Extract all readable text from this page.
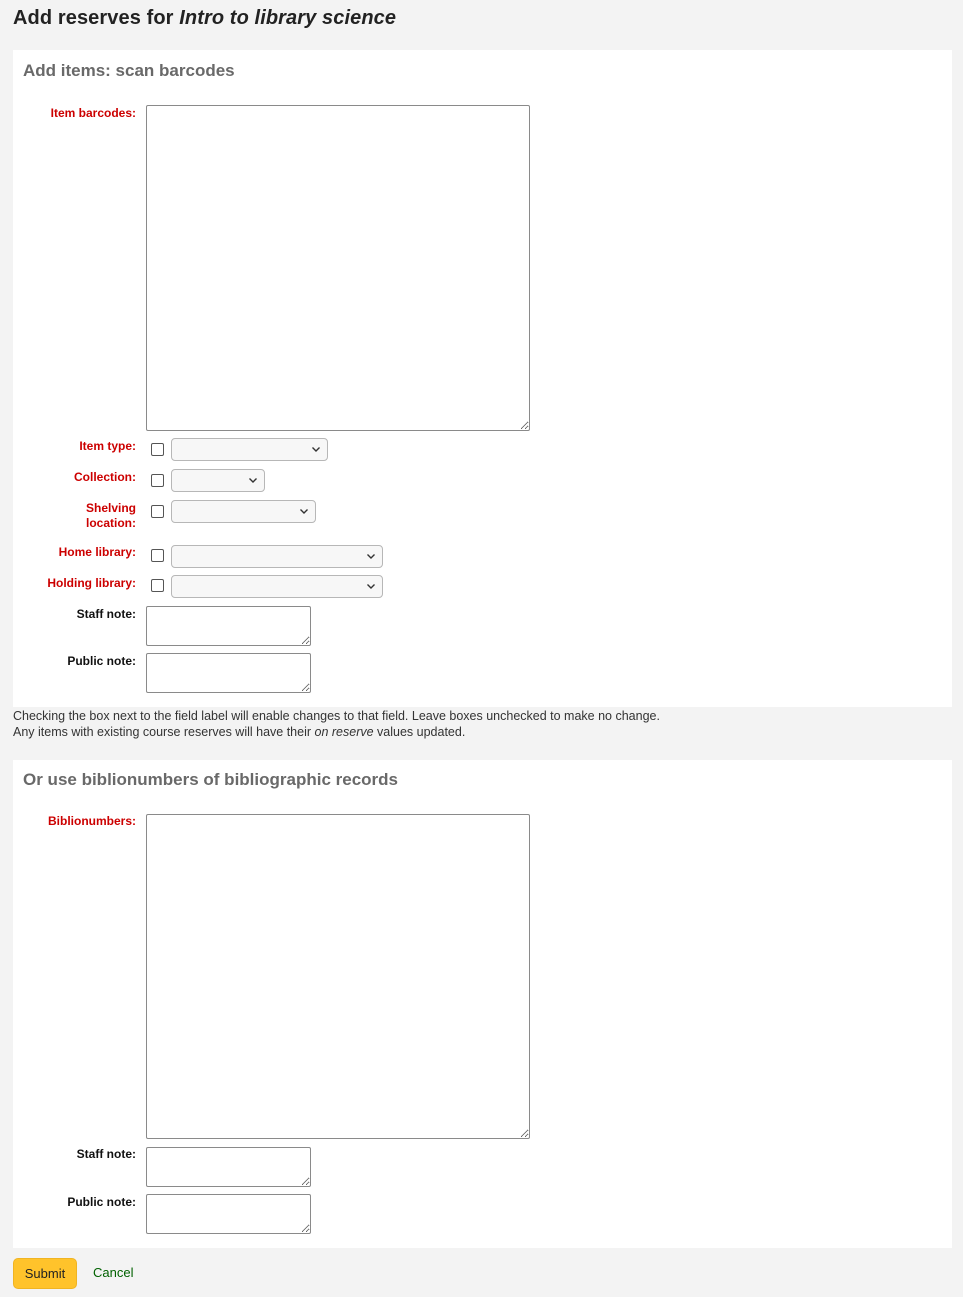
Add reserves for Intro to library science
Add items: scan barcodes
Item barcodes:
Item type:
Collection:
Shelving
location:
Home library:
Holding library:
Staff note:
Public note:
Checking the box next to the field label will enable changes to that field. Leave boxes unchecked to make no change.
Any items with existing course reserves will have their on reserve values updated.
Or use biblionumbers of bibliographic records
Biblionumbers:
Staff note:
Public note:
Submit	Cancel
